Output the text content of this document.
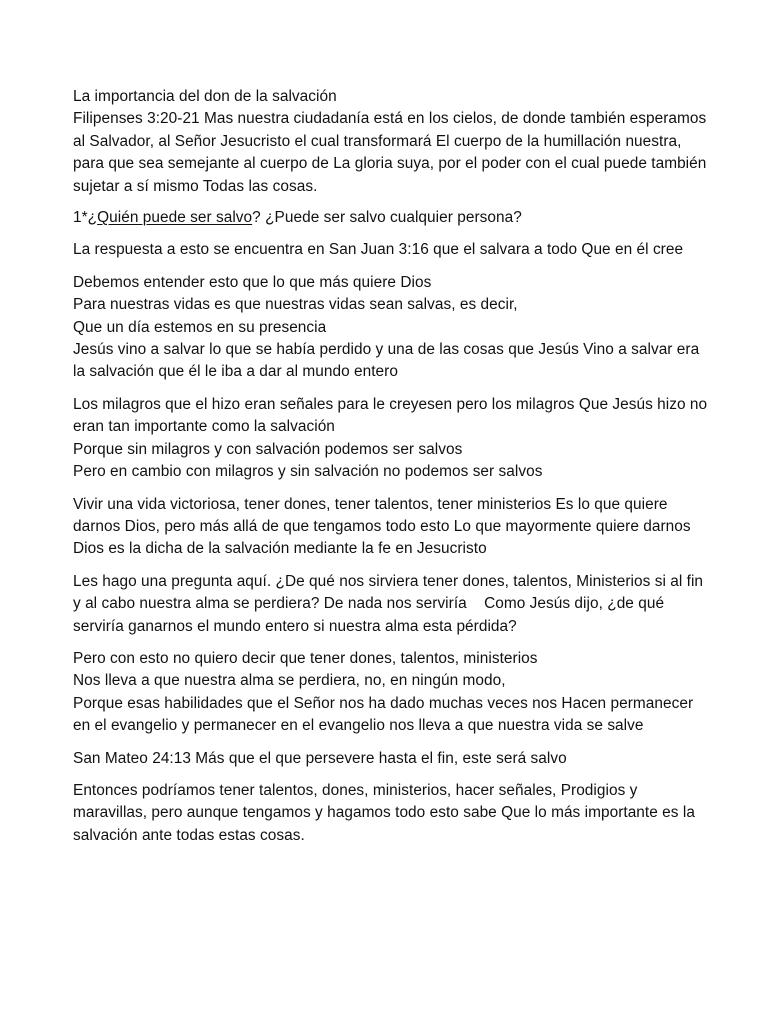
La importancia del don de la salvación
Filipenses 3:20-21 Mas nuestra ciudadanía está en los cielos, de donde también esperamos al Salvador, al Señor Jesucristo el cual transformará El cuerpo de la humillación nuestra, para que sea semejante al cuerpo de La gloria suya, por el poder con el cual puede también sujetar a sí mismo Todas las cosas.
1*¿Quién puede ser salvo? ¿Puede ser salvo cualquier persona?
La respuesta a esto se encuentra en San Juan 3:16 que el salvara a todo Que en él cree
Debemos entender esto que lo que más quiere Dios
Para nuestras vidas es que nuestras vidas sean salvas, es decir,
Que un día estemos en su presencia
Jesús vino a salvar lo que se había perdido y una de las cosas que Jesús Vino a salvar era la salvación que él le iba a dar al mundo entero
Los milagros que el hizo eran señales para le creyesen pero los milagros Que Jesús hizo no eran tan importante como la salvación
Porque sin milagros y con salvación podemos ser salvos
Pero en cambio con milagros y sin salvación no podemos ser salvos
Vivir una vida victoriosa, tener dones, tener talentos, tener ministerios Es lo que quiere darnos Dios, pero más allá de que tengamos todo esto Lo que mayormente quiere darnos Dios es la dicha de la salvación mediante la fe en Jesucristo
Les hago una pregunta aquí. ¿De qué nos sirviera tener dones, talentos, Ministerios si al fin y al cabo nuestra alma se perdiera? De nada nos serviría    Como Jesús dijo, ¿de qué serviría ganarnos el mundo entero si nuestra alma esta pérdida?
Pero con esto no quiero decir que tener dones, talentos, ministerios
Nos lleva a que nuestra alma se perdiera, no, en ningún modo,
Porque esas habilidades que el Señor nos ha dado muchas veces nos Hacen permanecer en el evangelio y permanecer en el evangelio nos lleva a que nuestra vida se salve
San Mateo 24:13 Más que el que persevere hasta el fin, este será salvo
Entonces podríamos tener talentos, dones, ministerios, hacer señales, Prodigios y maravillas, pero aunque tengamos y hagamos todo esto sabe Que lo más importante es la salvación ante todas estas cosas.
